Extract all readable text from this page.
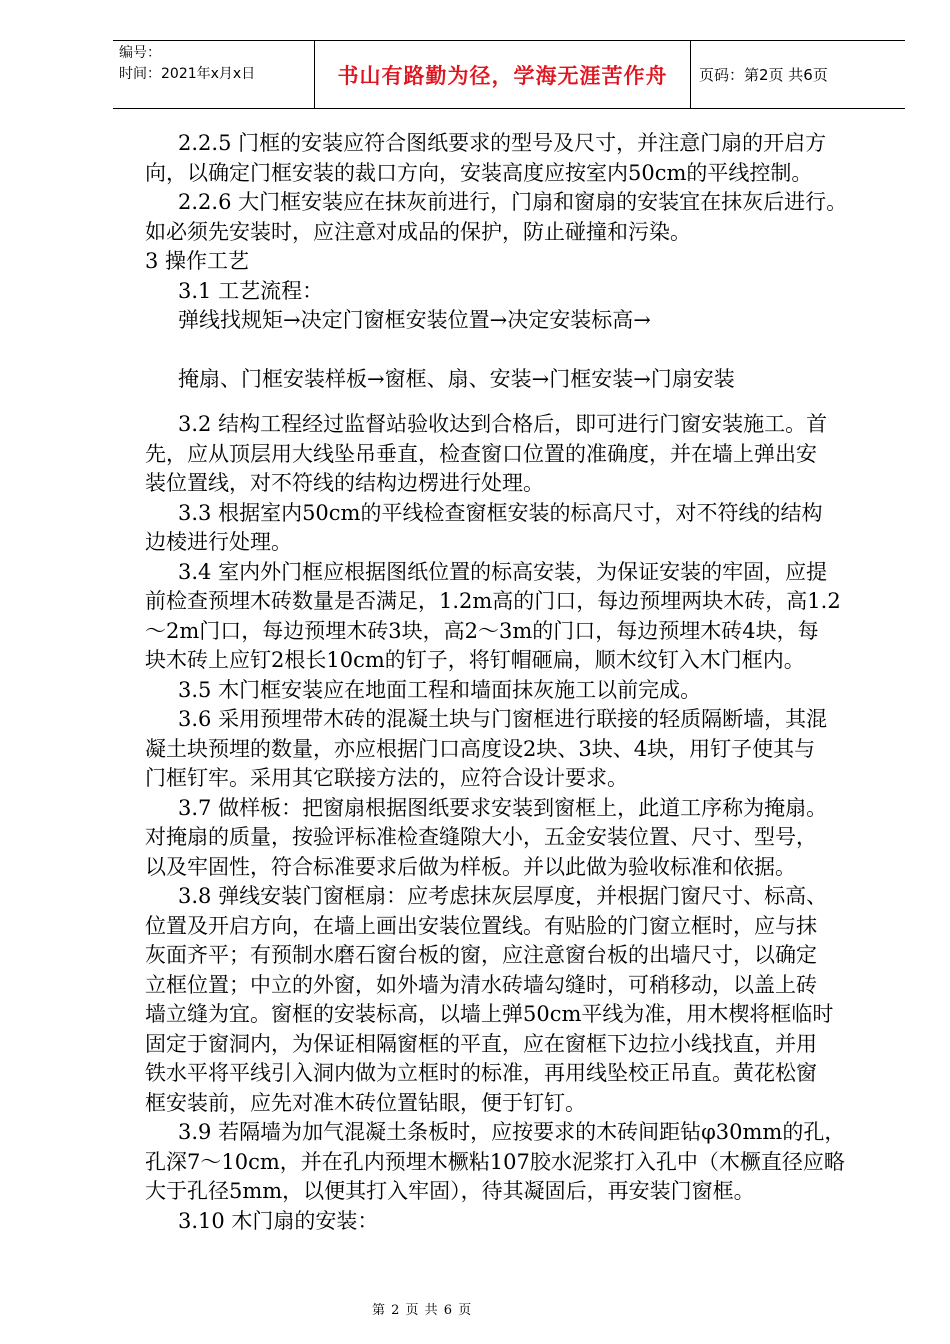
编号：
时间：2021年x月x日	书山有路勤为径，学海无涯苦作舟	页码：第2页 共6页

2.2.5 门框的安装应符合图纸要求的型号及尺寸，并注意门扇的开启方

向，以确定门框安装的裁口方向，安装高度应按室内50cm的平线控制。

2.2.6 大门框安装应在抹灰前进行，门扇和窗扇的安装宜在抹灰后进行。

如必须先安装时，应注意对成品的保护，防止碰撞和污染。

3 操作工艺

3.1 工艺流程：

弹线找规矩→决定门窗框安装位置→决定安装标高→

掩扇、门框安装样板→窗框、扇、安装→门框安装→门扇安装

3.2 结构工程经过监督站验收达到合格后，即可进行门窗安装施工。首

先，应从顶层用大线坠吊垂直，检查窗口位置的准确度，并在墙上弹出安

装位置线，对不符线的结构边楞进行处理。

3.3 根据室内50cm的平线检查窗框安装的标高尺寸，对不符线的结构

边棱进行处理。

3.4 室内外门框应根据图纸位置的标高安装，为保证安装的牢固，应提

前检查预埋木砖数量是否满足，1.2m高的门口，每边预埋两块木砖，高1.2

～2m门口，每边预埋木砖3块，高2～3m的门口，每边预埋木砖4块，每

块木砖上应钉2根长10cm的钉子，将钉帽砸扁，顺木纹钉入木门框内。

3.5 木门框安装应在地面工程和墙面抹灰施工以前完成。

3.6 采用预埋带木砖的混凝土块与门窗框进行联接的轻质隔断墙，其混

凝土块预埋的数量，亦应根据门口高度设2块、3块、4块，用钉子使其与

门框钉牢。采用其它联接方法的，应符合设计要求。

3.7 做样板：把窗扇根据图纸要求安装到窗框上，此道工序称为掩扇。

对掩扇的质量，按验评标准检查缝隙大小，五金安装位置、尺寸、型号，

以及牢固性，符合标准要求后做为样板。并以此做为验收标准和依据。

3.8 弹线安装门窗框扇：应考虑抹灰层厚度，并根据门窗尺寸、标高、

位置及开启方向，在墙上画出安装位置线。有贴脸的门窗立框时，应与抹

灰面齐平；有预制水磨石窗台板的窗，应注意窗台板的出墙尺寸，以确定

立框位置；中立的外窗，如外墙为清水砖墙勾缝时，可稍移动，以盖上砖

墙立缝为宜。窗框的安装标高，以墙上弹50cm平线为准，用木楔将框临时

固定于窗洞内，为保证相隔窗框的平直，应在窗框下边拉小线找直，并用

铁水平将平线引入洞内做为立框时的标准，再用线坠校正吊直。黄花松窗

框安装前，应先对准木砖位置钻眼，便于钉钉。

3.9 若隔墙为加气混凝土条板时，应按要求的木砖间距钻φ30mm的孔，

孔深7～10cm，并在孔内预埋木橛粘107胶水泥浆打入孔中（木橛直径应略

大于孔径5mm，以便其打入牢固），待其凝固后，再安装门窗框。

3.10 木门扇的安装：

第 2 页 共 6 页
